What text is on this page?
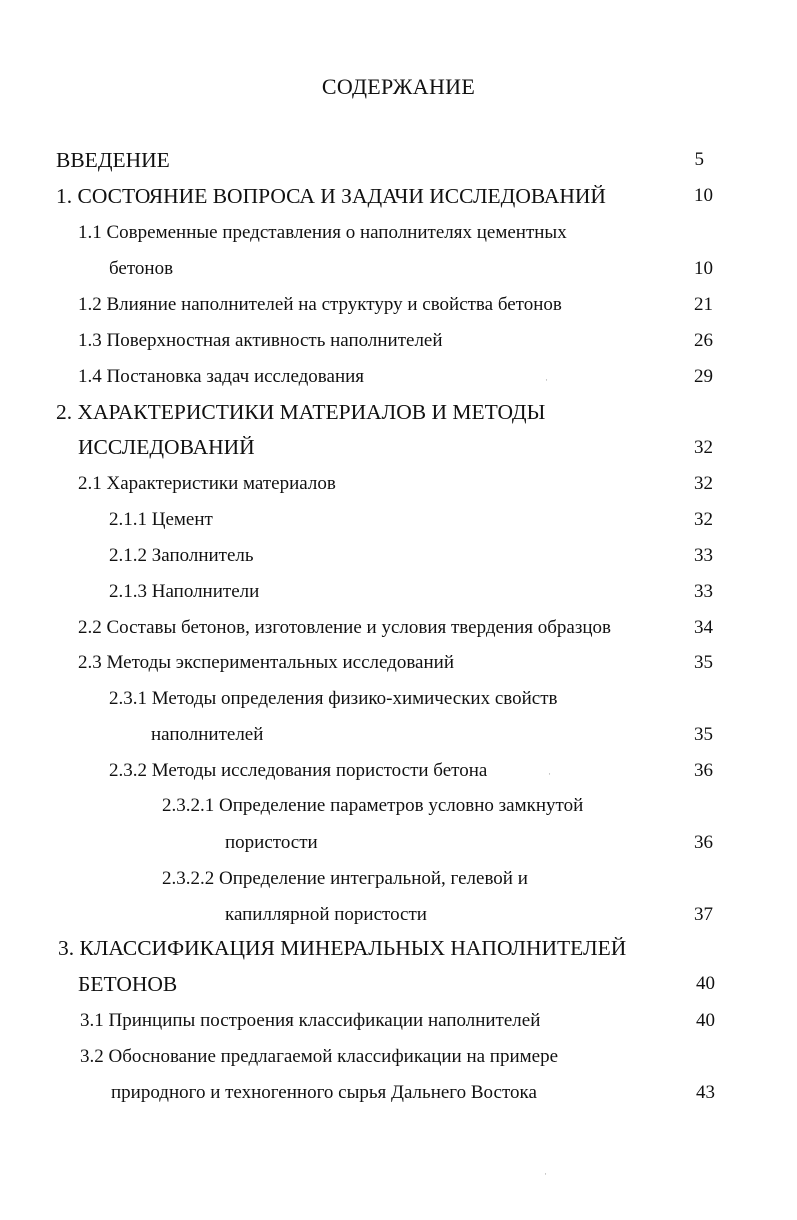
СОДЕРЖАНИЕ
ВВЕДЕНИЕ	5
1. СОСТОЯНИЕ ВОПРОСА И ЗАДАЧИ ИССЛЕДОВАНИЙ	10
1.1 Современные представления о наполнителях цементных
бетонов	10
1.2 Влияние наполнителей на структуру и свойства бетонов	21
1.3 Поверхностная активность наполнителей	26
1.4 Постановка задач исследования	29
2. ХАРАКТЕРИСТИКИ МАТЕРИАЛОВ И МЕТОДЫ
ИССЛЕДОВАНИЙ	32
2.1 Характеристики материалов	32
2.1.1 Цемент	32
2.1.2 Заполнитель	33
2.1.3 Наполнители	33
2.2 Составы бетонов, изготовление и условия твердения образцов	34
2.3 Методы экспериментальных исследований	35
2.3.1 Методы определения физико-химических свойств
наполнителей	35
2.3.2 Методы исследования пористости бетона	36
2.3.2.1 Определение параметров условно замкнутой
пористости	36
2.3.2.2 Определение интегральной, гелевой и
капиллярной пористости	37
3. КЛАССИФИКАЦИЯ МИНЕРАЛЬНЫХ НАПОЛНИТЕЛЕЙ
БЕТОНОВ	40
3.1 Принципы построения классификации наполнителей	40
3.2 Обоснование предлагаемой классификации на примере
природного и техногенного сырья Дальнего Востока	43
·
·
·
